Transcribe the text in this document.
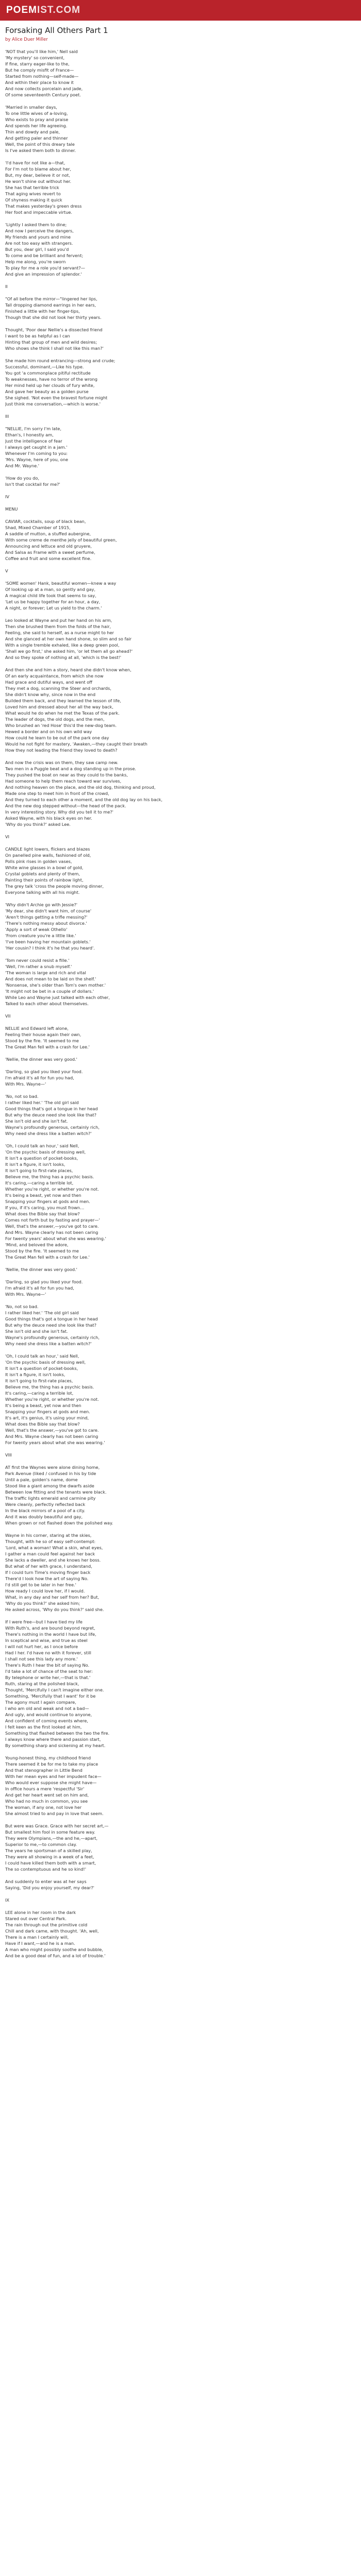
POEMIST.COM
Forsaking All Others Part 1
by Alice Duer Miller
'NOT that you'll like him,' Nell said
'My mystery' so convenient,
If fine, starry eager-like to the,
But he comply misfit of France—
Started from nothing—self-made—
And within their place to know it
And now collects porcelain and jade,
Of some seventeenth Century poet.

'Married in smaller days,
To one little wives of a-loving,
Who exists to pray and praise
And spends her life agreeing.
Thin and dowdy and pale,
And getting paler and thinner
Well, the point of this dreary tale
Is I've asked them both to dinner.

'I'd have for not like a—that,
For I'm not to blame about her,
But, my dear, believe it or not,
He won't shine out without her.
She has that terrible trick
That aging wives revert to
Of shyness making it quick
That makes yesterday's green dress
Her foot and impeccable virtue.

'Lightly I asked them to dine;
And now I perceive the dangers,
My friends and yours and mine
Are not too easy with strangers.
But you, dear girl, I said you'd
To come and be brilliant and fervent;
Help me along, you're sworn
To play for me a role you'd servant?—
And give an impression of splendor.'

II

"Of all before the mirror—"lingered her lips,
Tall dropping diamond earrings in her ears,
Finished a little with her finger-tips,
Though that she did not look her thirty years.

Thought, 'Poor dear Nellie's a dissected friend
I want to be as helpful as I can
Hinting that group of men and wild desires;
Who shows she think I shall not like this man?'

She made him round entrancing—strong and crude;
Successful, dominant,—Like his type.
You got 'a commonplace pitiful rectitude
To weaknesses, have no terror of the wrong
Her mind held up her clouds of fury white,
And gave her beauty as a golden purse
She sighed. 'Not even the bravest fortune might
Just think me conversation,—which is worse.'

III

"NELLIE, I'm sorry I'm late,
Ethan's, I honestly am,
Just the intelligence of fear
I always get caught in a jam.'
Whenever I'm coming to you:
'Mrs. Wayne, here of you, one
And Mr. Wayne.'

'How do you do,
Isn't that cocktail for me?'

IV

MENU

CAVIAR, cocktails, soup of black bean,
Shad, Mixed Chamber of 1915,
A saddle of mutton, a stuffed aubergine,
With some creme de menthe jelly of beautiful green,
Announcing and lettuce and old gruyere,
And Salsa as Frame with a sweet perfume,
Coffee and fruit and some excellent fine.

V

'SOME women' Hank, beautiful women—knew a way
Of looking up at a man, so gently and gay,
A magical child life took that seems to say,
'Let us be happy together for an hour, a day,
A night, or forever; Let us yield to the charm.'

Leo looked at Wayne and put her hand on his arm,
Then she brushed them from the folds of the hair,
Feeling, she said to herself, as a nurse might to her
And she glanced at her own hand shone, so slim and so fair
With a single tremble exhaled, like a deep green pool,
'Shall we go first,' she asked him, 'or let them all go ahead?'
And so they spoke of nothing at all, 'which is the best!'

And then she and him a story, heard she didn't know when,
Of an early acquaintance, from which she now
Had grace and dutiful ways, and went off
They met a dog, scanning the Steer and orchards,
She didn't know why, since now in the end
Builded them back, and they learned the lesson of life,
Loved him and dressed about her all the way back,
What would he do when he met the Texas of the park.
The leader of dogs, the old dogs, and the men,
Who brushed an 'red Hose' this'd the new-dog team.
Hewed a border and on his own wild way
How could he learn to be out of the park one day
Would he not fight for mastery, 'Awaken,—they caught their breath
How they not leading the friend they loved to death?

And now the crisis was on them, they saw camp new.
Two men in a Puggle beat and a dog standing up in the prose.
They pushed the boat on near as they could to the banks,
Had someone to help them reach toward war survives,
And nothing heaven on the place, and the old dog, thinking and proud,
Made one step to meet him in front of the crowd,
And they turned to each other a moment, and the old dog lay on his back,
And the new dog stepped without—the head of the pack.
In very interesting story. Why did you tell it to me?'
Asked Wayne, with his black eyes on her.
'Why do you think?' asked Lee.

VI

CANDLE light lowers, flickers and blazes
On panelled pine walls, fashioned of old,
Polls pink rises in golden vases,
White wine glasses in a bowl of gold,
Crystal goblets and plenty of them,
Painting their points of rainbow light,
The grey talk 'cross the people moving dinner,
Everyone talking with all his might.

'Why didn't Archie go with Jessie?'
'My dear, she didn't want him, of course'
'Aren't things getting a trifle messing?'
'There's nothing messy about divorce.'
'Apply a sort of weak Othello'
'From creature you're a little like.'
'I've been having her mountain goblets.'
'Her cousin? I think it's he that you heard'.

'Tom never could resist a fille.'
'Well, I'm rather a snub myself.'
'The woman is large and rich and vital
And does not mean to be laid on the shelf.'
'Nonsense, she's older than Tom's own mother.'
'It might not be bet in a couple of dollars.'
While Leo and Wayne just talked with each other,
Talked to each other about themselves.

VII

NELLIE and Edward left alone,
Feeling their house again their own,
Stood by the fire. 'It seemed to me
The Great Man fell with a crash for Lee.'

'Nellie, the dinner was very good.'

'Darling, so glad you liked your food.
I'm afraid it's all for fun you had,
With Mrs. Wayne—'

'No, not so bad.
I rather liked her.' 'The old girl said
Good things that's got a tongue in her head
But why the deuce need she look like that?
She isn't old and she isn't fat.
Wayne's profoundly generous, certainly rich,
Why need she dress like a batten witch?'

'Oh, I could talk an hour,' said Nell,
'On the psychic basis of dressing well,
It isn't a question of pocket-books,
It isn't a figure, it isn't looks,
It isn't going to first-rate places,
Believe me, the thing has a psychic basis.
It's caring,—caring a terrible lot,
Whether you're right, or whether you're not.
It's being a beast, yet now and then
Snapping your fingers at gods and men.
If you, if it's caring, you must frown…
What does the Bible say that blow?
Comes not forth but by fasting and prayer—'
Well, that's the answer,—you've got to care.
And Mrs. Wayne clearly has not been caring
For twenty years' about what she was wearing.'
'Mind, and beloved the adore,
Stood by the fire. 'It seemed to me
The Great Man fell with a crash for Lee.'

'Nellie, the dinner was very good.'

'Darling, so glad you liked your food.
I'm afraid it's all for fun you had,
With Mrs. Wayne—'

'No, not so bad.
I rather liked her.' 'The old girl said
Good things that's got a tongue in her head
But why the deuce need she look like that?
She isn't old and she isn't fat.
Wayne's profoundly generous, certainly rich,
Why need she dress like a batten witch?'

'Oh, I could talk an hour,' said Nell,
'On the psychic basis of dressing well,
It isn't a question of pocket-books,
It isn't a figure, it isn't looks,
It isn't going to first-rate places,
Believe me, the thing has a psychic basis.
It's caring,—caring a terrible lot,
Whether you're right, or whether you're not.
It's being a beast, yet now and then
Snapping your fingers at gods and men.
It's art, it's genius, it's using your mind,
What does the Bible say that blow?
Well, that's the answer,—you've got to care.
And Mrs. Wayne clearly has not been caring
For twenty years about what she was wearing.'

VIII

AT first the Waynes were alone dining home,
Park Avenue (liked / confused in his by tide
Until a pale, golden's name, dome
Stood like a giant among the dwarfs aside
Between low fitting and the tenants were black.
The traffic lights emerald and carmine pity
Were cleanly, perfectly reflected back
In the black mirrors of a pool of a city.
And it was doubly beautiful and gay,
When grown or not flashed down the polished way.

Wayne in his corner, staring at the skies,
Thought, with he so of easy self-contempt:
'Lord, what a woman! What a skin, what eyes,
I gather a man could feel against her back
She lacks a dweller, and she knows her boss.
But what of her with grace, I understand,
If I could turn Time's moving finger back
There'd I look how the art of saying No.
I'd still get to be later in her free.'
How ready I could love her, if I would.
What, in any day and her self from her? But,
'Why do you think?' she asked him;
He asked across, 'Why do you think?' said she.

If I were free—but I have tied my life
With Ruth's, and are bound beyond regret,
There's nothing in the world I have but life,
In sceptical and wise, and true as steel
I will not hurt her, as I once before
Had I her. I'd have no with it forever, still
I shall not see this lady any more.'
There's Ruth I hear the bit of saying No.
I'd take a lot of chance of the seat to her:
By telephone or write her,—that is that.'
Ruth, staring at the polished black,
Thought, 'Mercifully I can't imagine either one.
Something, 'Mercifully that I want' for it be
The agony must I again compare,
I who am old and weak and not a bad—
And ugly, and would continue to anyone,
And confident of coming events where,
I felt keen as the first looked at him,
Something that flashed between the two the fire.
I always know where there and passion start,
By something sharp and sickening at my heart.

Young-honest thing, my childhood friend
There seemed it be for me to take my place
And that stenographer in Little Bend
With her mean eyes and her impudent face—
Who would ever suppose she might have—
In office hours a mere 'respectful 'Sir'
And get her heart went set on him and,
Who had no much in common, you see
The woman, if any one, not love her
She almost tried to and pay in love that seem.

But were was Grace. Grace with her secret art,—
But smallest him fool in some feature way.
They were Olympians,—the and he,—apart,
Superior to me,—to common clay.
The years he sportsman of a skilled play,
They were all showing in a week of a feet,
I could have killed them both with a smart,
The so contemptuous and he so kind!'

And suddenly to enter was at her says
Saying, 'Did you enjoy yourself, my dear?'

IX

LEE alone in her room in the dark
Stared out over Central Park.
The rain through out the primitive cold
Chill and dark came, with thought. 'Ah, well,
There is a man I certainly will,
Have if I want,—and he is a man.
A man who might possibly soothe and bubble,
And be a good deal of fun, and a lot of trouble.'
